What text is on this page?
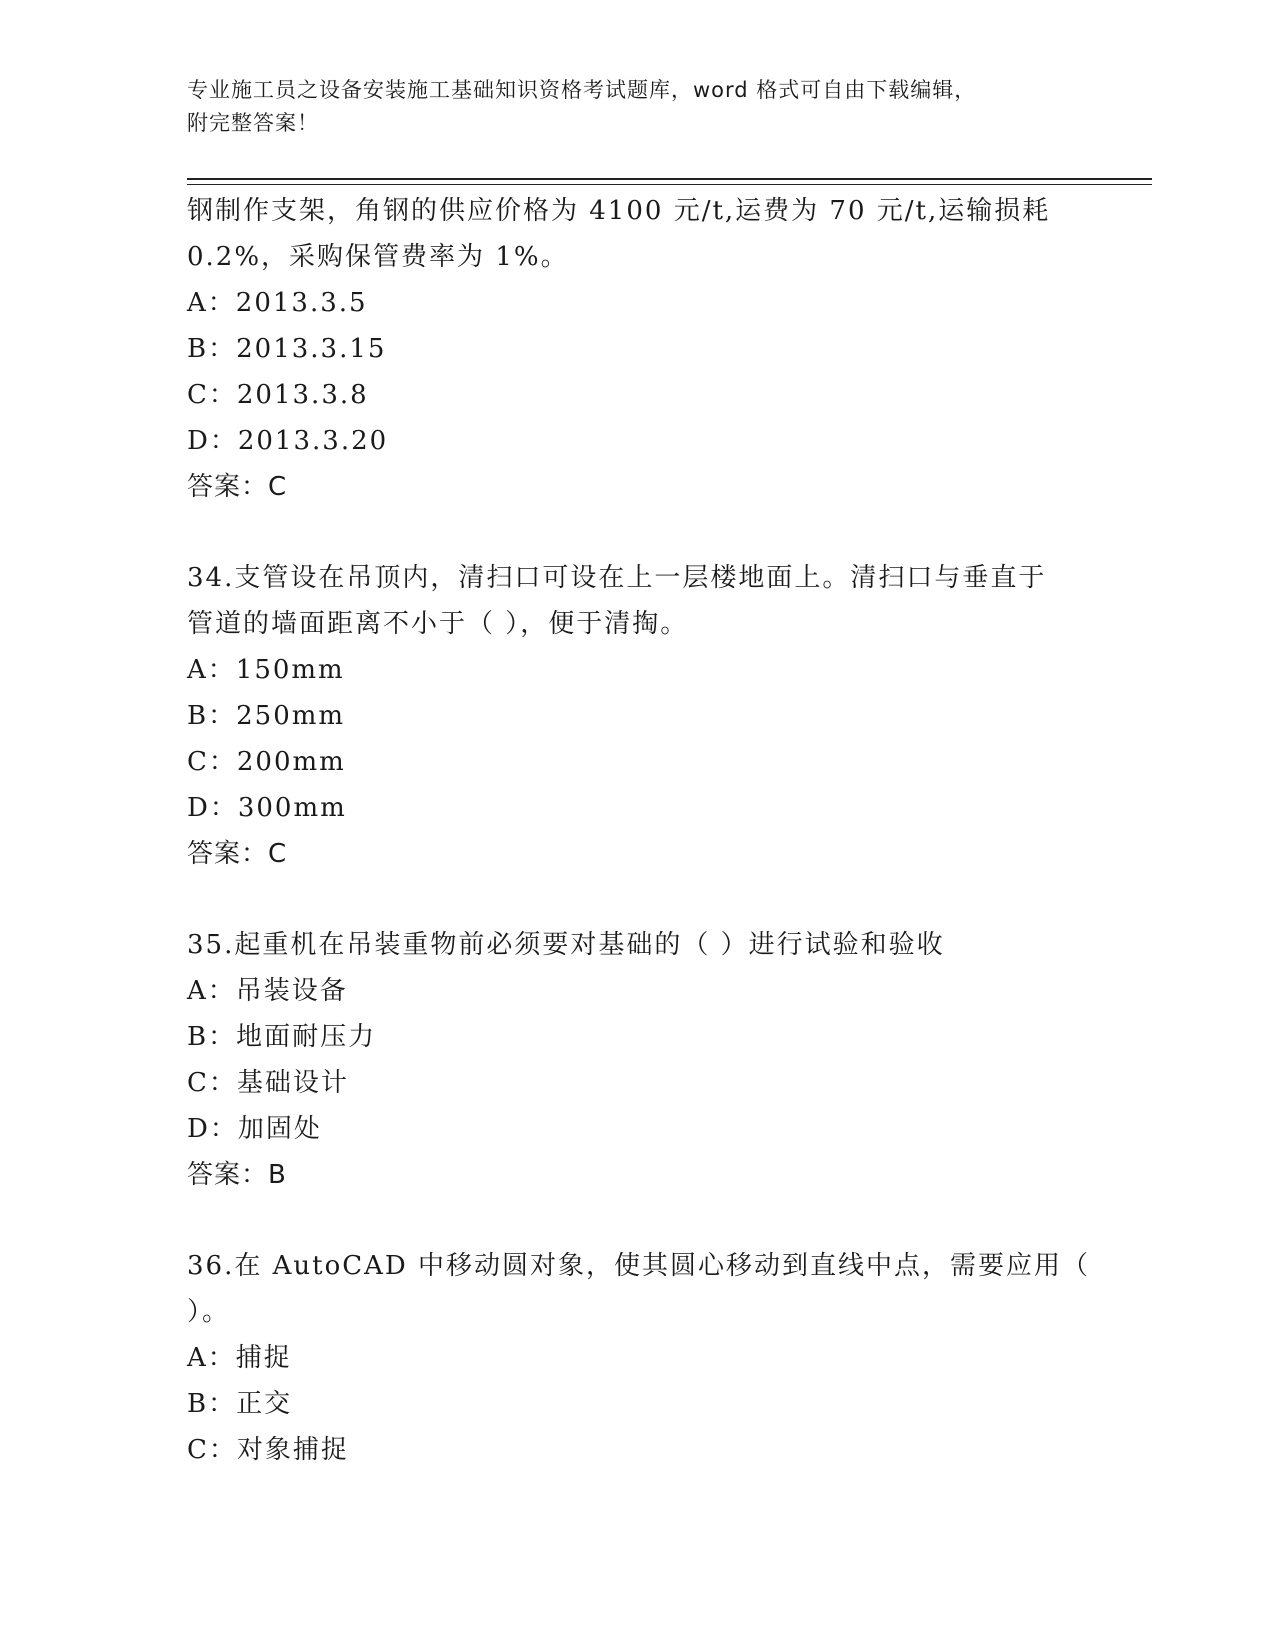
专业施工员之设备安装施工基础知识资格考试题库，word 格式可自由下载编辑，
附完整答案！
钢制作支架，角钢的供应价格为 4100 元/t,运费为 70 元/t,运输损耗
0.2%，采购保管费率为 1%。
A：2013.3.5
B：2013.3.15
C：2013.3.8
D：2013.3.20
答案：C
34.支管设在吊顶内，清扫口可设在上一层楼地面上。清扫口与垂直于
管道的墙面距离不小于（ ），便于清掏。
A：150mm
B：250mm
C：200mm
D：300mm
答案：C
35.起重机在吊装重物前必须要对基础的（ ）进行试验和验收
A：吊装设备
B：地面耐压力
C：基础设计
D：加固处
答案：B
36.在 AutoCAD 中移动圆对象，使其圆心移动到直线中点，需要应用（
）。
A：捕捉
B：正交
C：对象捕捉
